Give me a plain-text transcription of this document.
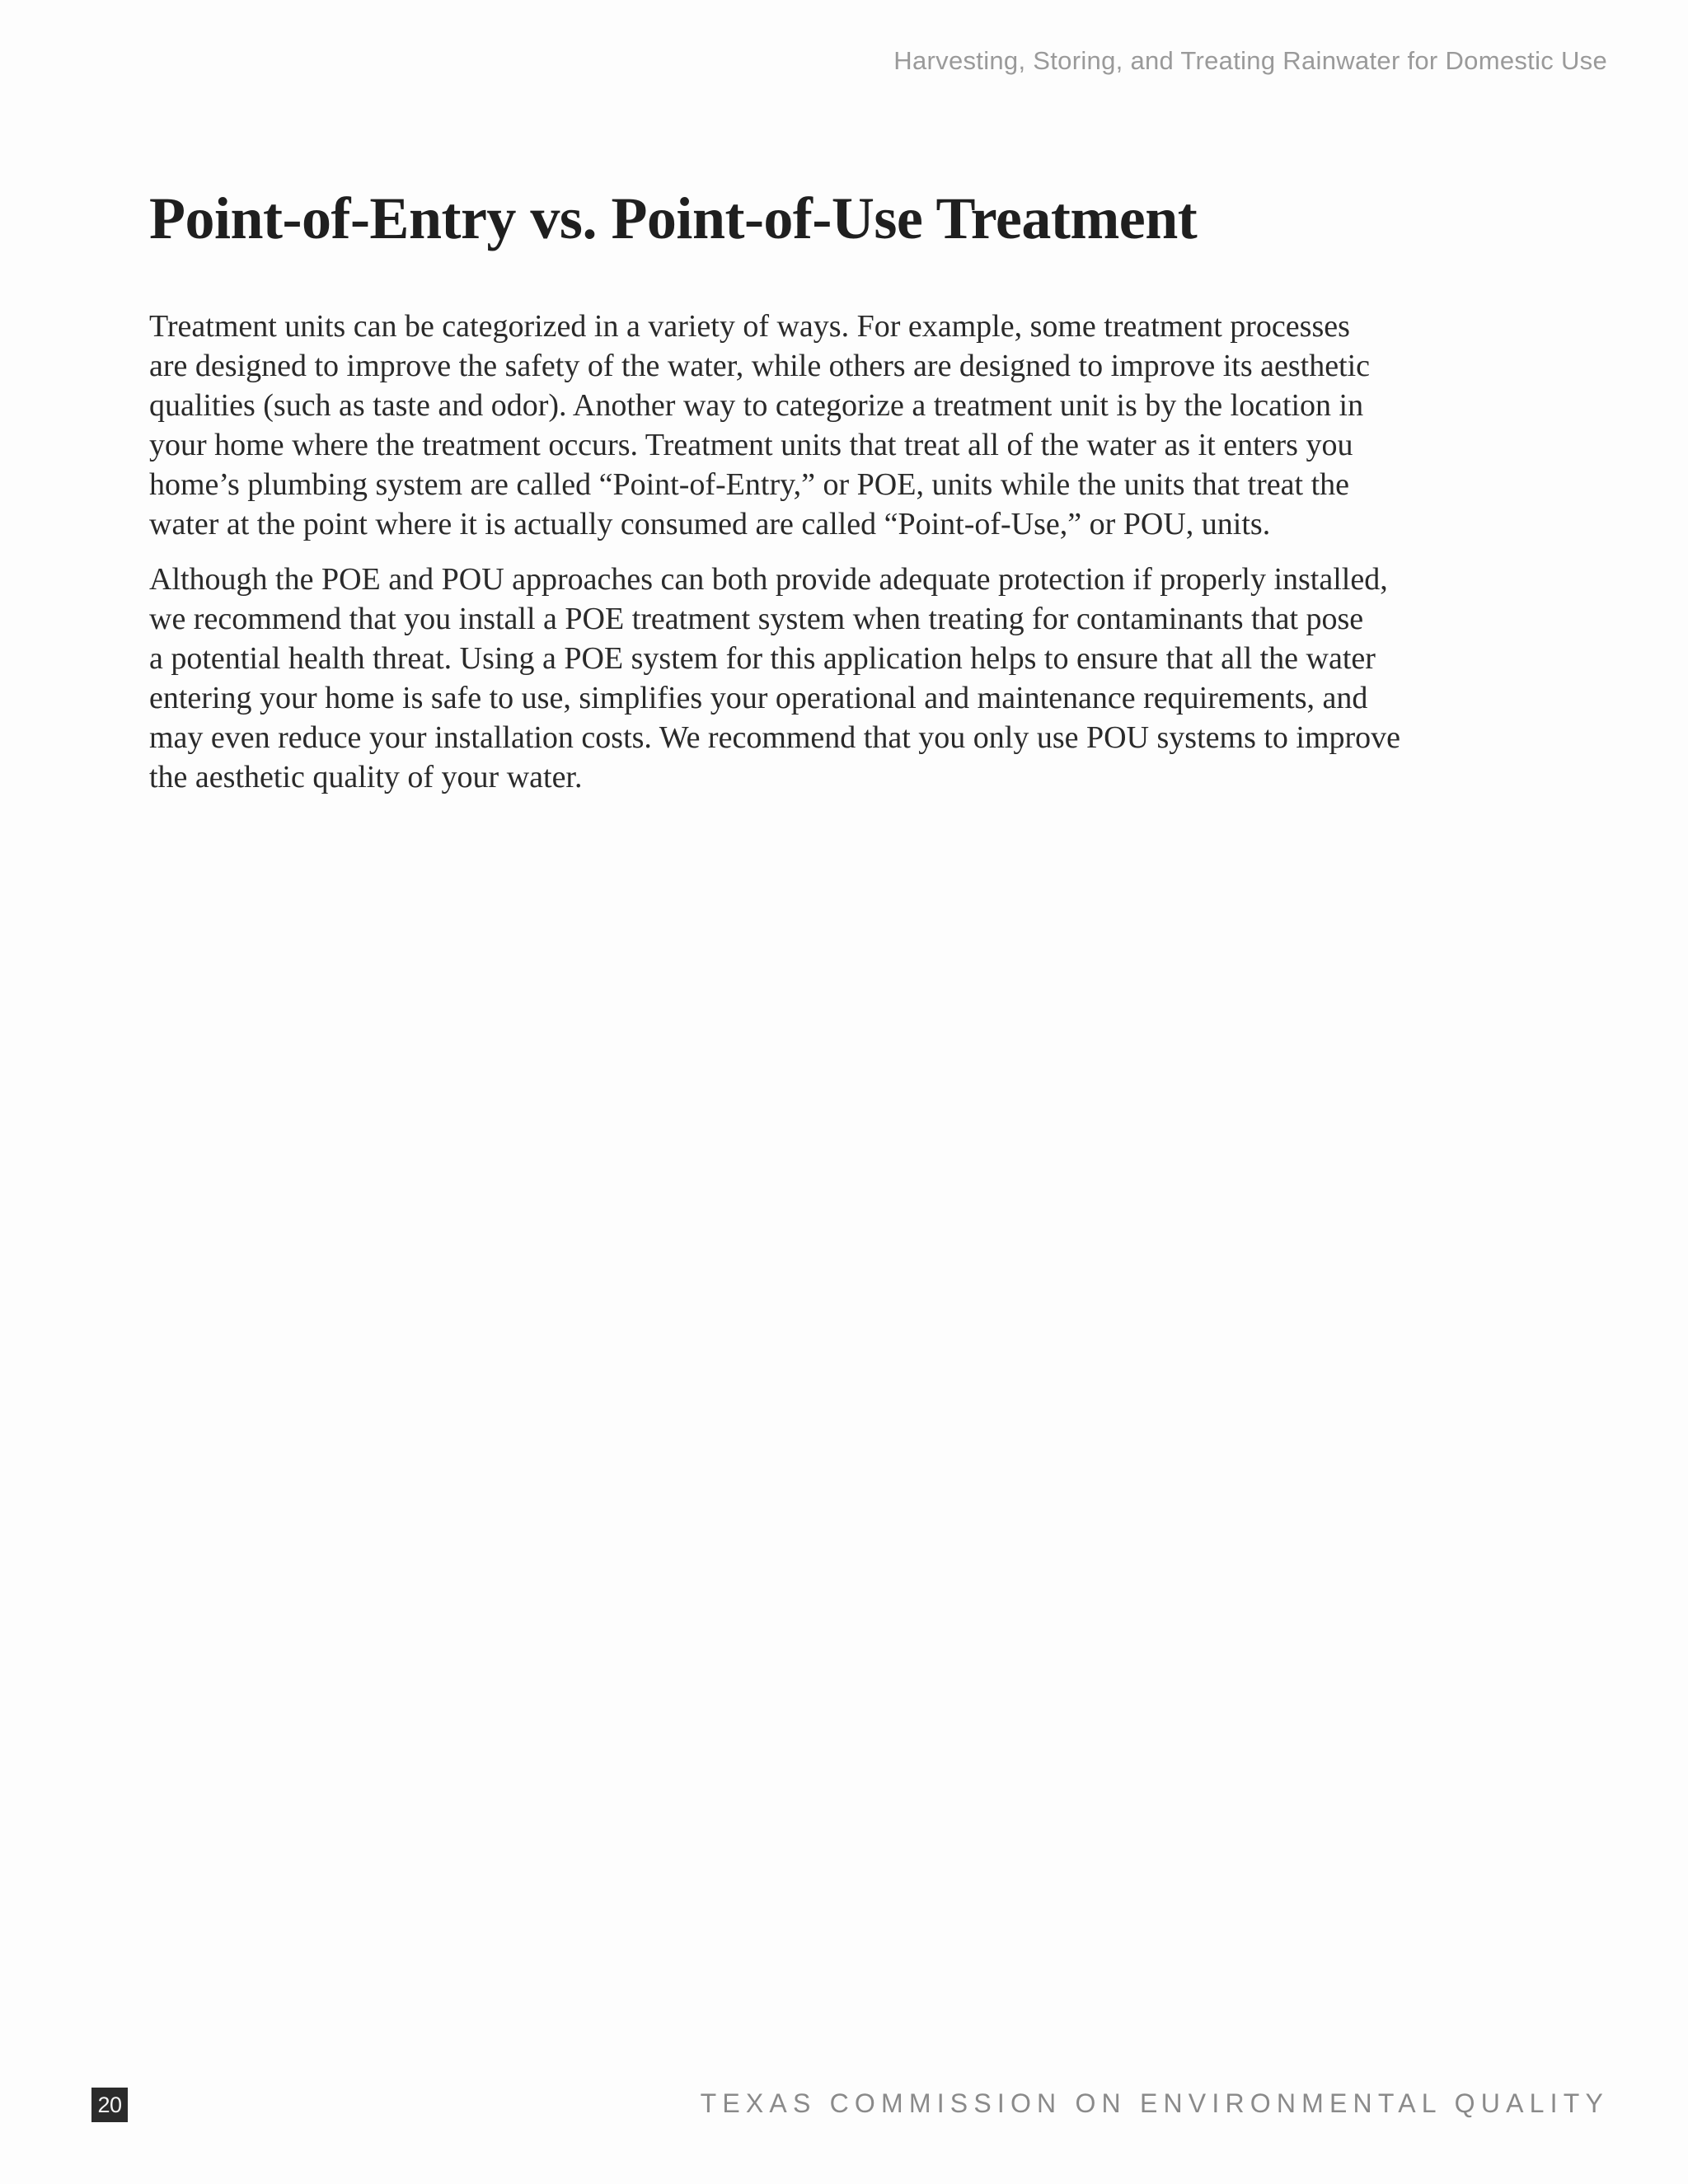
Harvesting, Storing, and Treating Rainwater for Domestic Use
Point-of-Entry vs. Point-of-Use Treatment

Treatment units can be categorized in a variety of ways. For example, some treatment processes
are designed to improve the safety of the water, while others are designed to improve its aesthetic
qualities (such as taste and odor). Another way to categorize a treatment unit is by the location in
your home where the treatment occurs. Treatment units that treat all of the water as it enters you
home’s plumbing system are called “Point-of-Entry,” or POE, units while the units that treat the
water at the point where it is actually consumed are called “Point-of-Use,” or POU, units.

Although the POE and POU approaches can both provide adequate protection if properly installed,
we recommend that you install a POE treatment system when treating for contaminants that pose
a potential health threat. Using a POE system for this application helps to ensure that all the water
entering your home is safe to use, simplifies your operational and maintenance requirements, and
may even reduce your installation costs. We recommend that you only use POU systems to improve
the aesthetic quality of your water.

20	TEXAS COMMISSION ON ENVIRONMENTAL QUALITY
